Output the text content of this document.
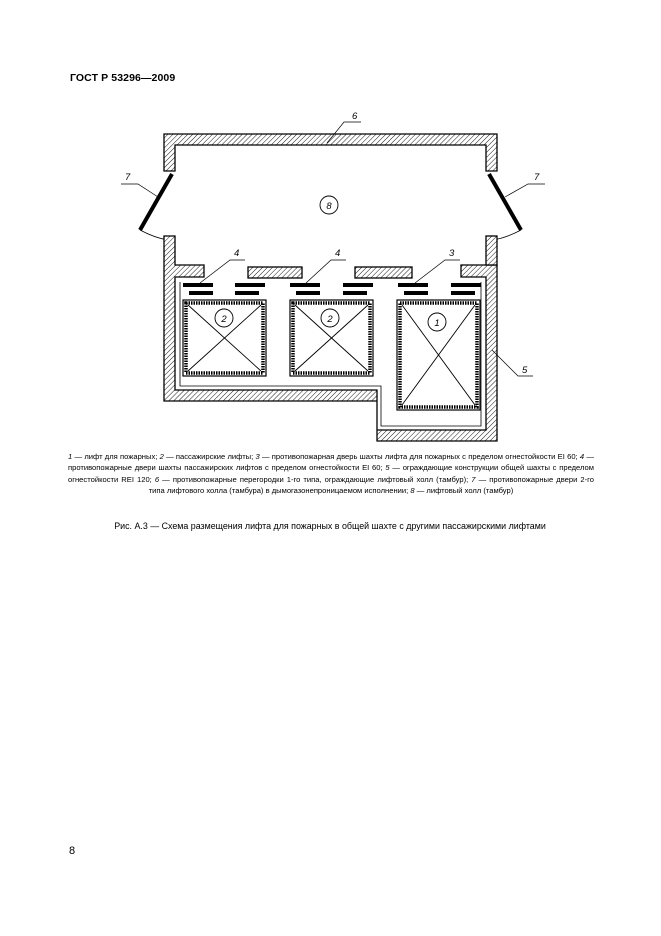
ГОСТ Р 53296—2009
2	2	1
8
6
7	7
4	4	3
5
1 — лифт для пожарных; 2 — пассажирские лифты; 3 — противопожарная дверь шахты лифта для пожарных с пределом огнестойкости EI 60; 4 — противопожарные двери шахты пассажирских лифтов с пределом огнестойкости EI 60; 5 — ограждающие конструкции общей шахты с пределом огнестойкости REI 120; 6 — противопожарные перегородки 1-го типа, ограждающие лифтовый холл (тамбур); 7 — противопожарные двери 2-го типа лифтового холла (тамбура) в дымогазонепроницаемом исполнении; 8 — лифтовый холл (тамбур)
Рис. А.3 — Схема размещения лифта для пожарных в общей шахте с другими пассажирскими лифтами
8
